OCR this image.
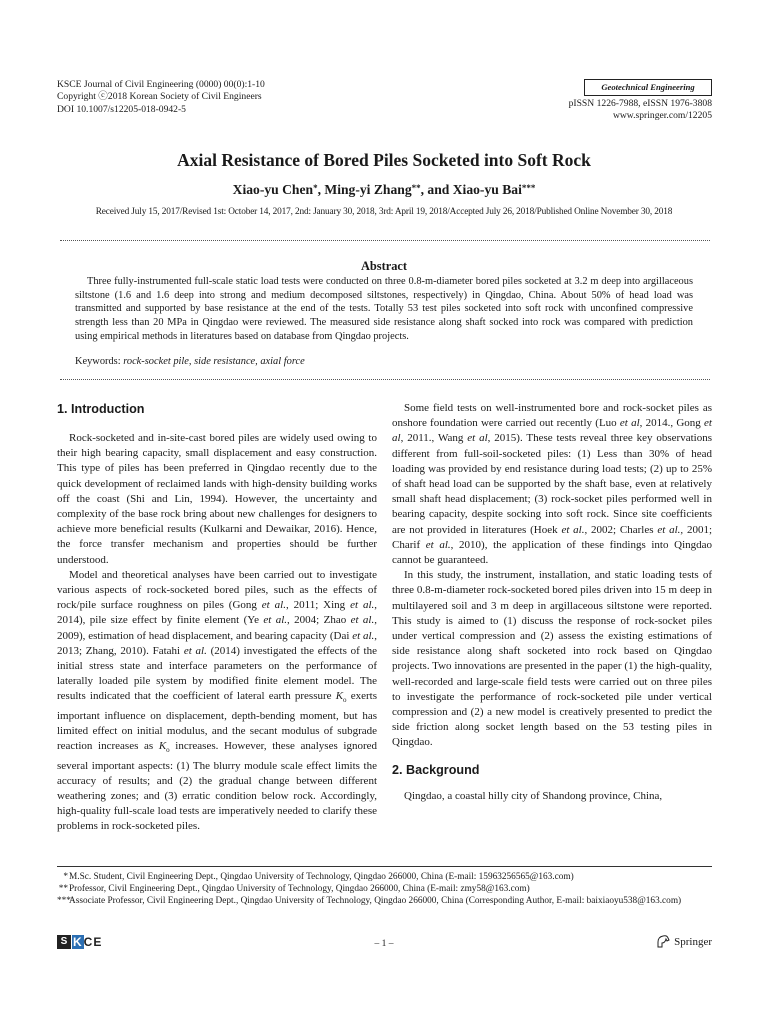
KSCE Journal of Civil Engineering (0000) 00(0):1-10
Copyright ⓒ2018 Korean Society of Civil Engineers
DOI 10.1007/s12205-018-0942-5
Geotechnical Engineering
pISSN 1226-7988, eISSN 1976-3808
www.springer.com/12205
Axial Resistance of Bored Piles Socketed into Soft Rock
Xiao-yu Chen*, Ming-yi Zhang**, and Xiao-yu Bai***
Received July 15, 2017/Revised 1st: October 14, 2017, 2nd: January 30, 2018, 3rd: April 19, 2018/Accepted July 26, 2018/Published Online November 30, 2018
Abstract
Three fully-instrumented full-scale static load tests were conducted on three 0.8-m-diameter bored piles socketed at 3.2 m deep into argillaceous siltstone (1.6 and 1.6 deep into strong and medium decomposed siltstones, respectively) in Qingdao, China. About 50% of head load was transmitted and supported by base resistance at the end of the tests. Totally 53 test piles socketed into soft rock with unconfined compressive strength less than 20 MPa in Qingdao were reviewed. The measured side resistance along shaft socked into rock was compared with prediction using empirical methods in literatures based on database from Qingdao projects.
Keywords: rock-socket pile, side resistance, axial force
1. Introduction
Rock-socketed and in-site-cast bored piles are widely used owing to their high bearing capacity, small displacement and easy construction. This type of piles has been preferred in Qingdao recently due to the quick development of reclaimed lands with high-density building works off the coast (Shi and Lin, 1994). However, the uncertainty and complexity of the base rock bring about new challenges for designers to achieve more beneficial results (Kulkarni and Dewaikar, 2016). Hence, the force transfer mechanism and properties should be further understood.
Model and theoretical analyses have been carried out to investigate various aspects of rock-socketed bored piles, such as the effects of rock/pile surface roughness on piles (Gong et al., 2011; Xing et al., 2014), pile size effect by finite element (Ye et al., 2004; Zhao et al., 2009), estimation of head displacement, and bearing capacity (Dai et al., 2013; Zhang, 2010). Fatahi et al. (2014) investigated the effects of the initial stress state and interface parameters on the performance of laterally loaded pile system by modified finite element model. The results indicated that the coefficient of lateral earth pressure $K_o$ exerts important influence on displacement, depth-bending moment, but has limited effect on initial modulus, and the secant modulus of subgrade reaction increases as $K_o$ increases. However, these analyses ignored several important aspects: (1) The blurry module scale effect limits the accuracy of results; and (2) the gradual change between different weathering zones; and (3) erratic condition below rock. Accordingly, high-quality full-scale load tests are imperatively needed to clarify these problems in rock-socketed piles.
Some field tests on well-instrumented bore and rock-socket piles as onshore foundation were carried out recently (Luo et al, 2014., Gong et al, 2011., Wang et al, 2015). These tests reveal three key observations different from full-soil-socketed piles: (1) Less than 30% of head loading was provided by end resistance during load tests; (2) up to 25% of shaft head load can be supported by the shaft base, even at relatively small shaft head displacement; (3) rock-socket piles performed well in bearing capacity, despite socking into soft rock. Since site coefficients are not provided in literatures (Hoek et al., 2002; Charles et al., 2001; Charif et al., 2010), the application of these findings into Qingdao cannot be guaranteed.
In this study, the instrument, installation, and static loading tests of three 0.8-m-diameter rock-socketed bored piles driven into 15 m deep in multilayered soil and 3 m deep in argillaceous siltstone were reported. This study is aimed to (1) discuss the response of rock-socket piles under vertical compression and (2) assess the existing estimations of side resistance along shaft socketed into rock based on Qingdao projects. Two innovations are presented in the paper (1) the high-quality, well-recorded and large-scale field tests were carried out on three piles to investigate the performance of rock-socketed pile under vertical compression and (2) a new model is creatively presented to predict the side friction along socket length based on the 53 testing piles in Qingdao.
2. Background
Qingdao, a coastal hilly city of Shandong province, China,
* M.Sc. Student, Civil Engineering Dept., Qingdao University of Technology, Qingdao 266000, China (E-mail: 15963256565@163.com)
** Professor, Civil Engineering Dept., Qingdao University of Technology, Qingdao 266000, China (E-mail: zmy58@163.com)
***
Associate Professor, Civil Engineering Dept., Qingdao University of Technology, Qingdao 266000, China (Corresponding Author, E-mail: baixiaoyu538@163.com)
S KCE	– 1 –	Springer
